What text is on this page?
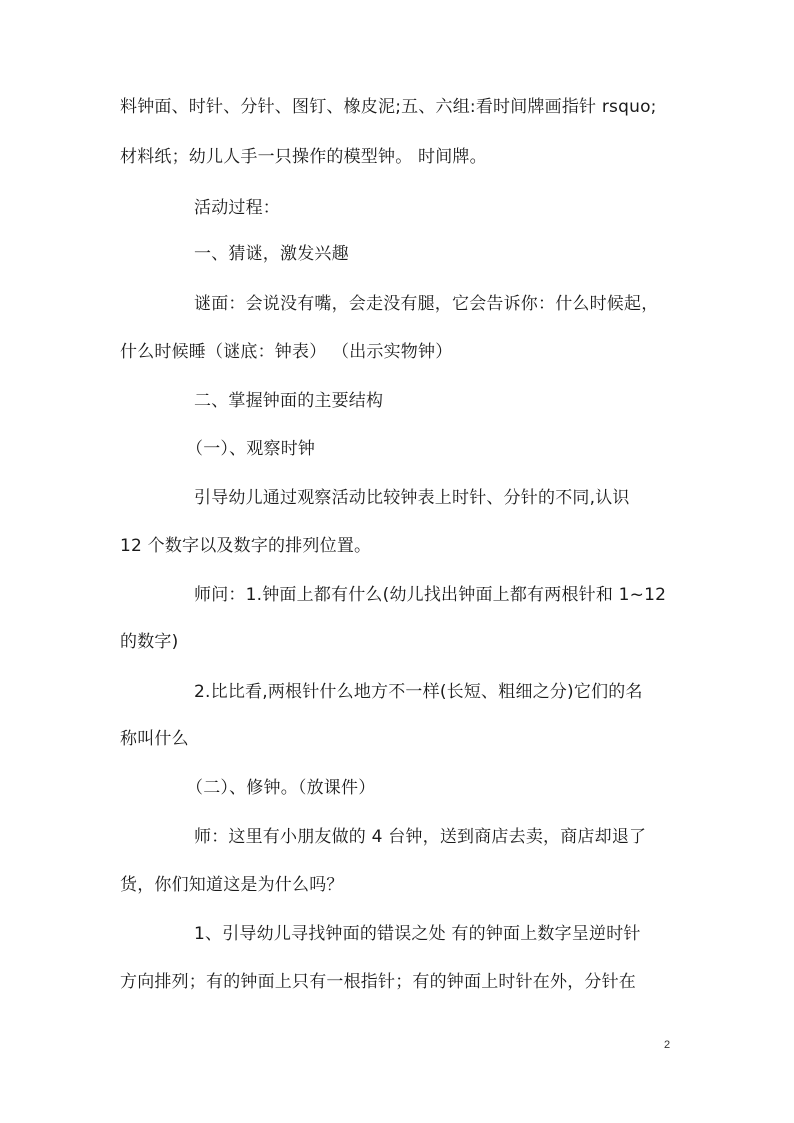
料钟面、时针、分针、图钉、橡皮泥;五、六组:看时间牌画指针 rsquo;
材料纸；幼儿人手一只操作的模型钟。 时间牌。
活动过程：
一、猜谜，激发兴趣
谜面：会说没有嘴，会走没有腿，它会告诉你：什么时候起，
什么时候睡（谜底：钟表） （出示实物钟）
二、掌握钟面的主要结构
（一）、观察时钟
引导幼儿通过观察活动比较钟表上时针、分针的不同,认识
12 个数字以及数字的排列位置。
师问：1.钟面上都有什么(幼儿找出钟面上都有两根针和 1~12
的数字)
2.比比看,两根针什么地方不一样(长短、粗细之分)它们的名
称叫什么
（二）、修钟。（放课件）
师：这里有小朋友做的 4 台钟，送到商店去卖，商店却退了
货，你们知道这是为什么吗？
1、引导幼儿寻找钟面的错误之处 有的钟面上数字呈逆时针
方向排列；有的钟面上只有一根指针；有的钟面上时针在外，分针在
2
